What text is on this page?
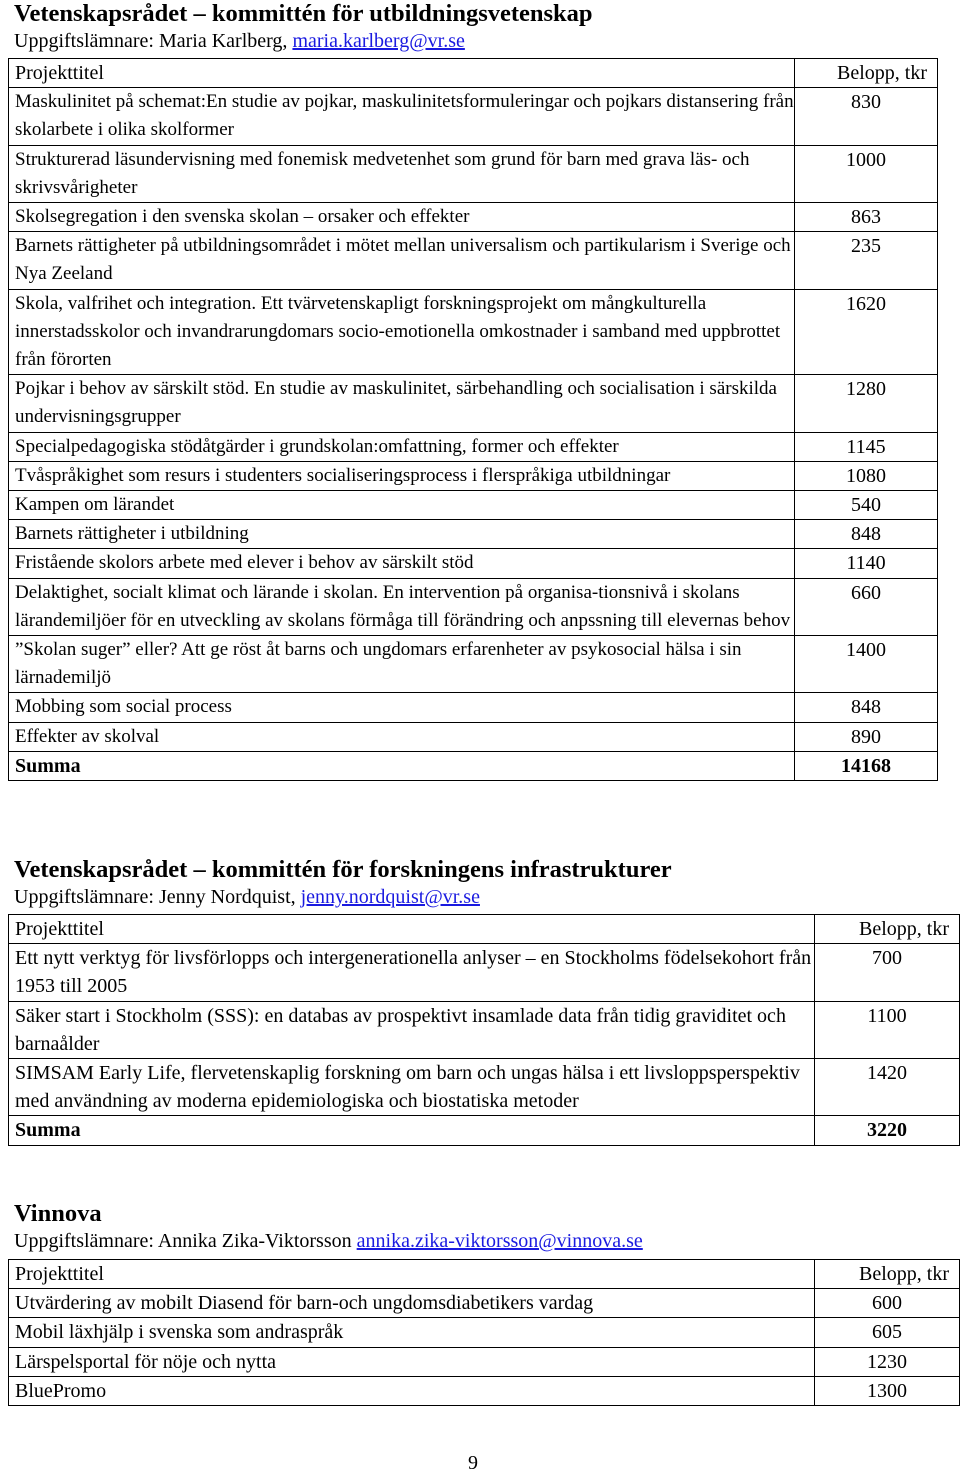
Vetenskapsrådet – kommittén för utbildningsvetenskap

Uppgiftslämnare: Maria Karlberg, maria.karlberg@vr.se

Projekttitel	Belopp, tkr
Maskulinitet på schemat:En studie av pojkar, maskulinitetsformuleringar och pojkars distansering från skolarbete i olika skolformer	830
Strukturerad läsundervisning med fonemisk medvetenhet som grund för barn med grava läs- och skrivsvårigheter	1000
Skolsegregation i den svenska skolan – orsaker och effekter	863
Barnets rättigheter på utbildningsområdet i mötet mellan universalism och partikularism i Sverige och Nya Zeeland	235
Skola, valfrihet och integration. Ett tvärvetenskapligt forskningsprojekt om mångkulturella innerstadsskolor och invandrarungdomars socio-emotionella omkostnader i samband med uppbrottet från förorten	1620
Pojkar i behov av särskilt stöd. En studie av maskulinitet, särbehandling och socialisation i särskilda undervisningsgrupper	1280
Specialpedagogiska stödåtgärder i grundskolan:omfattning, former och effekter	1145
Tvåspråkighet som resurs i studenters socialiseringsprocess i flerspråkiga utbildningar	1080
Kampen om lärandet	540
Barnets rättigheter i utbildning	848
Fristående skolors arbete med elever i behov av särskilt stöd	1140
Delaktighet, socialt klimat och lärande i skolan. En intervention på organisa-tionsnivå i skolans lärandemiljöer för en utveckling av skolans förmåga till förändring och anpssning till elevernas behov	660
”Skolan suger” eller? Att ge röst åt barns och ungdomars erfarenheter av psykosocial hälsa i sin lärnademiljö	1400
Mobbing som social process	848
Effekter av skolval	890
Summa	14168
Vetenskapsrådet – kommittén för forskningens infrastrukturer

Uppgiftslämnare: Jenny Nordquist, jenny.nordquist@vr.se

Projekttitel	Belopp, tkr
Ett nytt verktyg för livsförlopps och intergenerationella anlyser – en Stockholms födelsekohort från 1953 till 2005	700
Säker start i Stockholm (SSS): en databas av prospektivt insamlade data från tidig graviditet och barnaålder	1100
SIMSAM Early Life, flervetenskaplig forskning om barn och ungas hälsa i ett livsloppsperspektiv med användning av moderna epidemiologiska och biostatiska metoder	1420
Summa	3220
Vinnova

Uppgiftslämnare: Annika Zika-Viktorsson annika.zika-viktorsson@vinnova.se

Projekttitel	Belopp, tkr
Utvärdering av mobilt Diasend för barn-och ungdomsdiabetikers vardag	600
Mobil läxhjälp i svenska som andraspråk	605
Lärspelsportal för nöje och nytta	1230
BluePromo	1300
9
